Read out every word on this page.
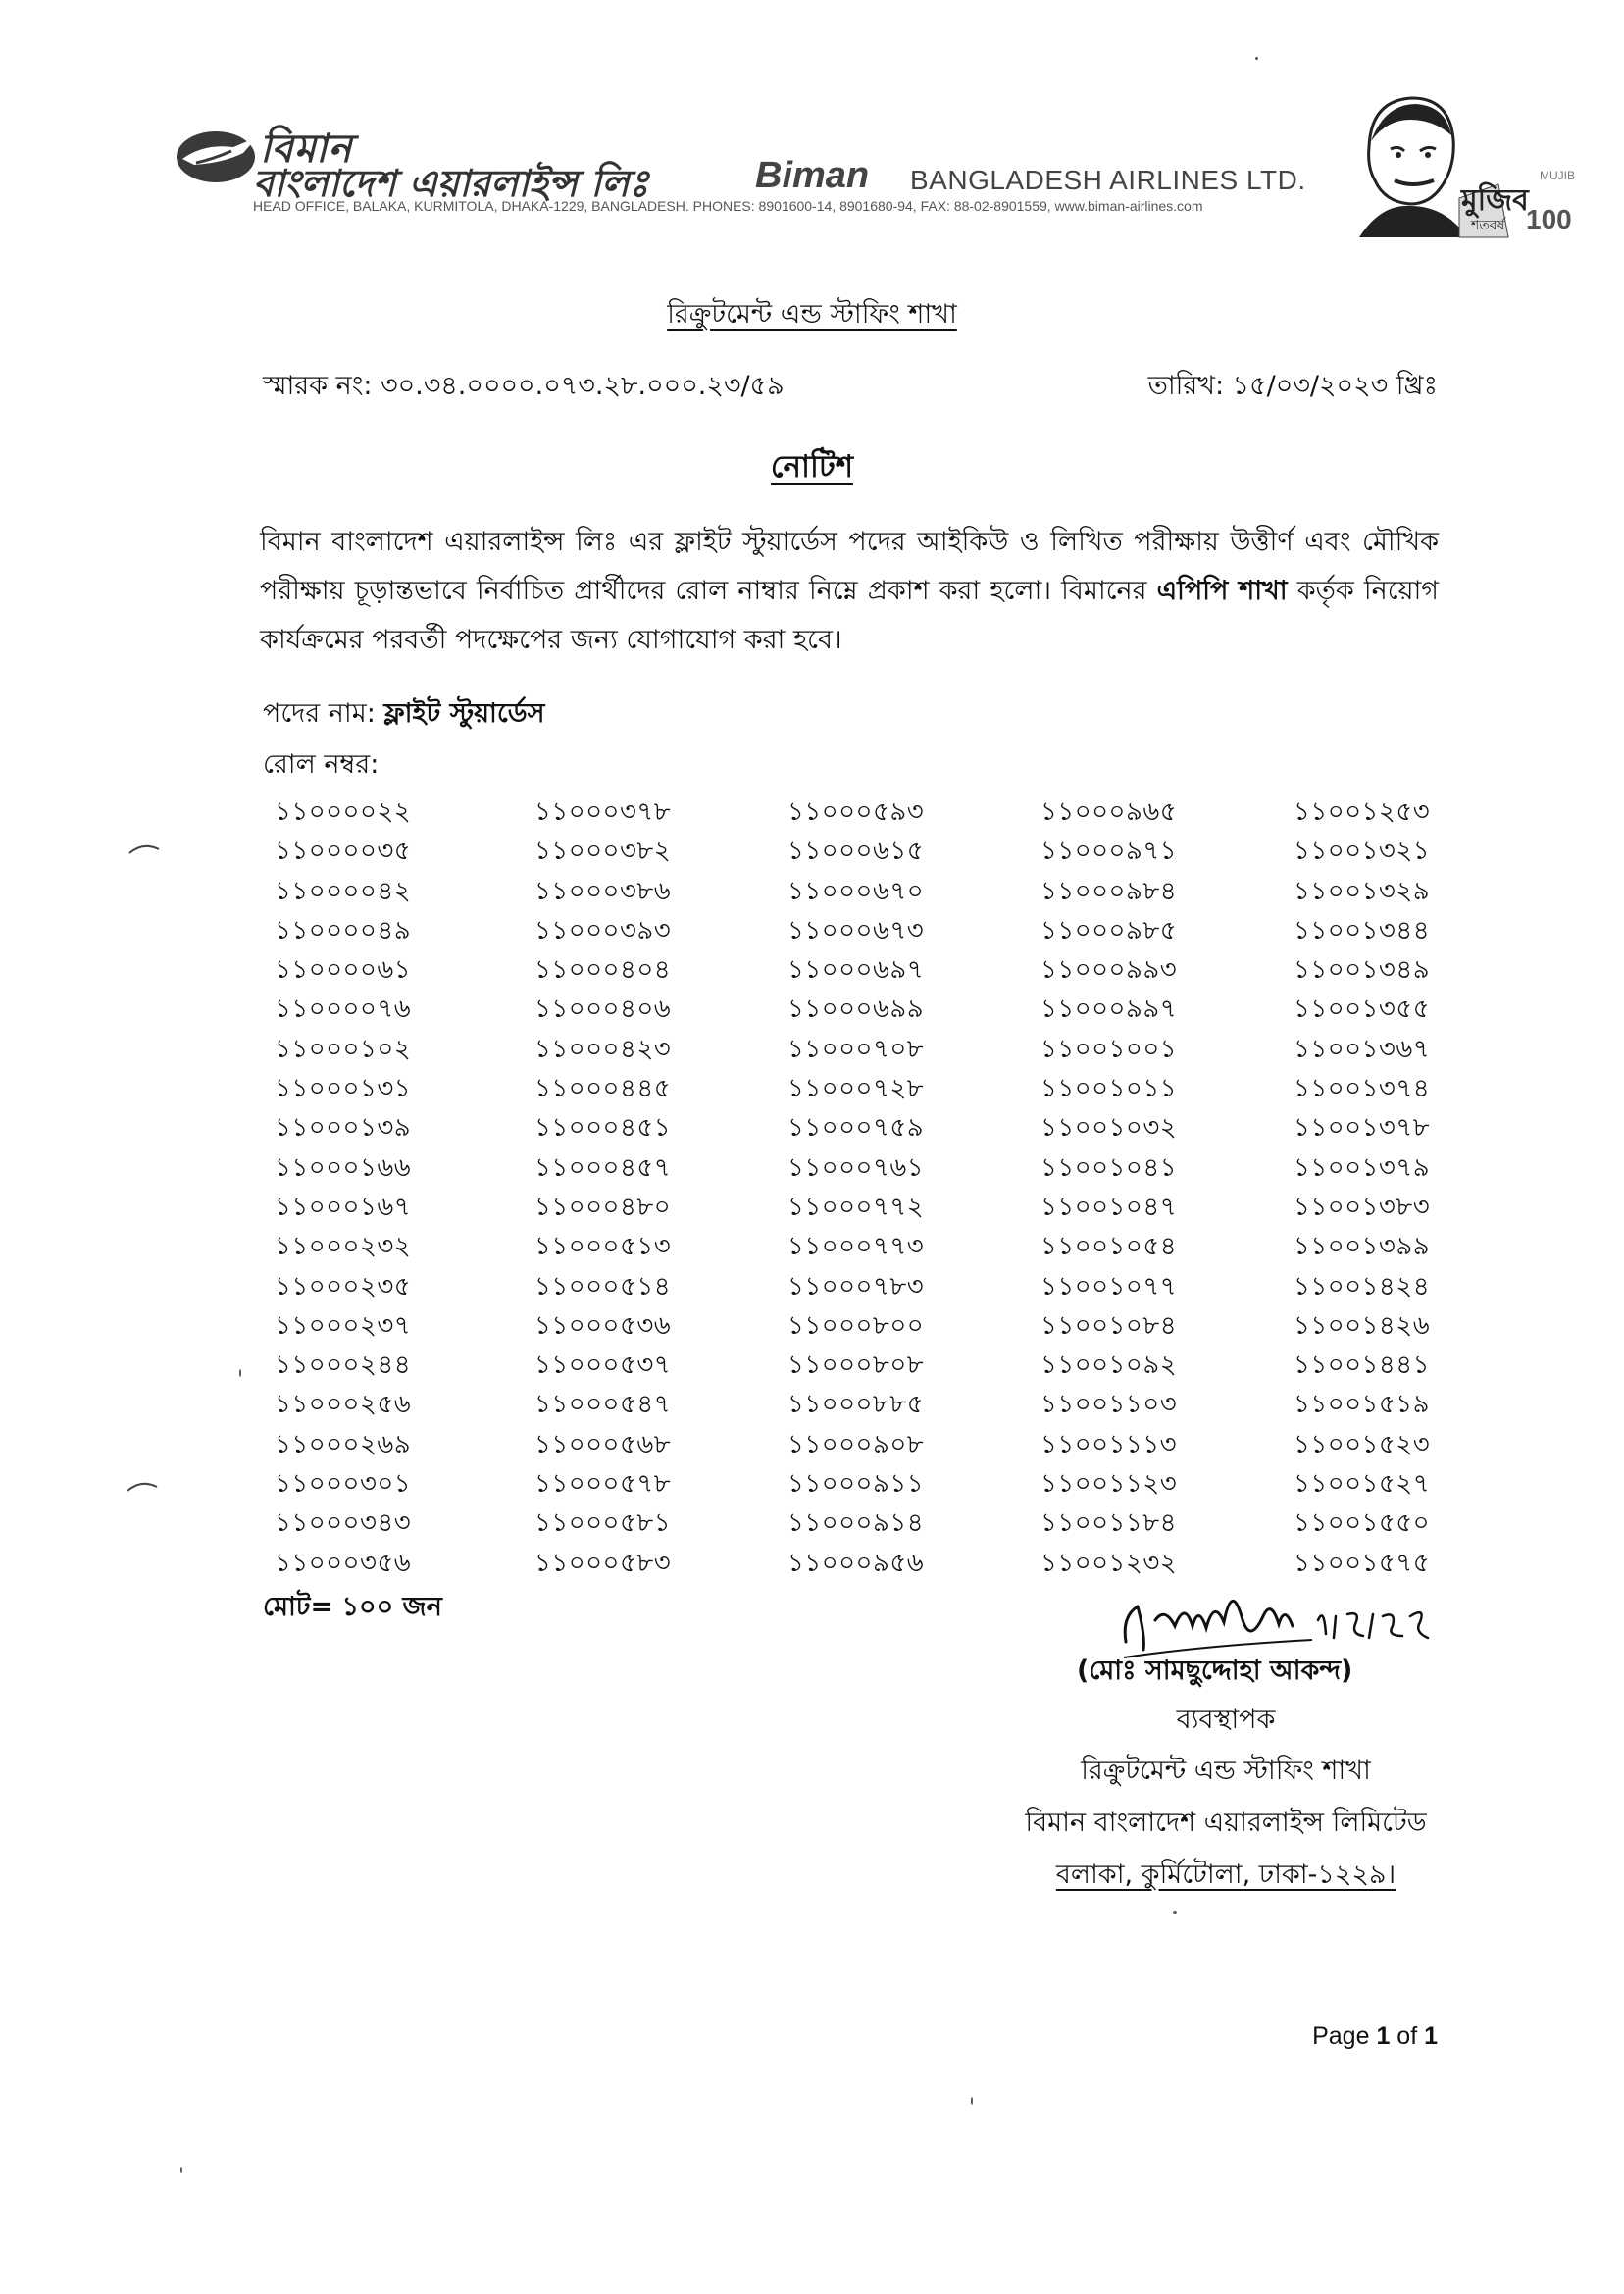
বিমান
বাংলাদেশ এয়ারলাইন্স লিঃ	Biman BANGLADESH AIRLINES LTD.
HEAD OFFICE, BALAKA, KURMITOLA, DHAKA-1229, BANGLADESH. PHONES: 8901600-14, 8901680-94, FAX: 88-02-8901559, www.biman-airlines.com	মুজিব
MUJIB
শতবর্ষ 100
রিক্রুটমেন্ট এন্ড স্টাফিং শাখা
স্মারক নং: ৩০.৩৪.০০০০.০৭৩.২৮.০০০.২৩/৫৯	তারিখ: ১৫/০৩/২০২৩ খ্রিঃ
নোটিশ
বিমান বাংলাদেশ এয়ারলাইন্স লিঃ এর ফ্লাইট স্টুয়ার্ডেস পদের আইকিউ ও লিখিত পরীক্ষায় উত্তীর্ণ এবং মৌখিক পরীক্ষায় চূড়ান্তভাবে নির্বাচিত প্রার্থীদের রোল নাম্বার নিম্নে প্রকাশ করা হলো। বিমানের এপিপি শাখা কর্তৃক নিয়োগ কার্যক্রমের পরবর্তী পদক্ষেপের জন্য যোগাযোগ করা হবে।
পদের নাম: ফ্লাইট স্টুয়ার্ডেস
রোল নম্বর:
১১০০০০২২	১১০০০৩৭৮	১১০০০৫৯৩	১১০০০৯৬৫	১১০০১২৫৩
১১০০০০৩৫	১১০০০৩৮২	১১০০০৬১৫	১১০০০৯৭১	১১০০১৩২১
১১০০০০৪২	১১০০০৩৮৬	১১০০০৬৭০	১১০০০৯৮৪	১১০০১৩২৯
১১০০০০৪৯	১১০০০৩৯৩	১১০০০৬৭৩	১১০০০৯৮৫	১১০০১৩৪৪
১১০০০০৬১	১১০০০৪০৪	১১০০০৬৯৭	১১০০০৯৯৩	১১০০১৩৪৯
১১০০০০৭৬	১১০০০৪০৬	১১০০০৬৯৯	১১০০০৯৯৭	১১০০১৩৫৫
১১০০০১০২	১১০০০৪২৩	১১০০০৭০৮	১১০০১০০১	১১০০১৩৬৭
১১০০০১৩১	১১০০০৪৪৫	১১০০০৭২৮	১১০০১০১১	১১০০১৩৭৪
১১০০০১৩৯	১১০০০৪৫১	১১০০০৭৫৯	১১০০১০৩২	১১০০১৩৭৮
১১০০০১৬৬	১১০০০৪৫৭	১১০০০৭৬১	১১০০১০৪১	১১০০১৩৭৯
১১০০০১৬৭	১১০০০৪৮০	১১০০০৭৭২	১১০০১০৪৭	১১০০১৩৮৩
১১০০০২৩২	১১০০০৫১৩	১১০০০৭৭৩	১১০০১০৫৪	১১০০১৩৯৯
১১০০০২৩৫	১১০০০৫১৪	১১০০০৭৮৩	১১০০১০৭৭	১১০০১৪২৪
১১০০০২৩৭	১১০০০৫৩৬	১১০০০৮০০	১১০০১০৮৪	১১০০১৪২৬
১১০০০২৪৪	১১০০০৫৩৭	১১০০০৮০৮	১১০০১০৯২	১১০০১৪৪১
১১০০০২৫৬	১১০০০৫৪৭	১১০০০৮৮৫	১১০০১১০৩	১১০০১৫১৯
১১০০০২৬৯	১১০০০৫৬৮	১১০০০৯০৮	১১০০১১১৩	১১০০১৫২৩
১১০০০৩০১	১১০০০৫৭৮	১১০০০৯১১	১১০০১১২৩	১১০০১৫২৭
১১০০০৩৪৩	১১০০০৫৮১	১১০০০৯১৪	১১০০১১৮৪	১১০০১৫৫০
১১০০০৩৫৬	১১০০০৫৮৩	১১০০০৯৫৬	১১০০১২৩২	১১০০১৫৭৫
মোট= ১০০ জন
(মোঃ সামছুদ্দোহা আকন্দ)
ব্যবস্থাপক
রিক্রুটমেন্ট এন্ড স্টাফিং শাখা
বিমান বাংলাদেশ এয়ারলাইন্স লিমিটেড
বলাকা, কুর্মিটোলা, ঢাকা-১২২৯।
Page 1 of 1
